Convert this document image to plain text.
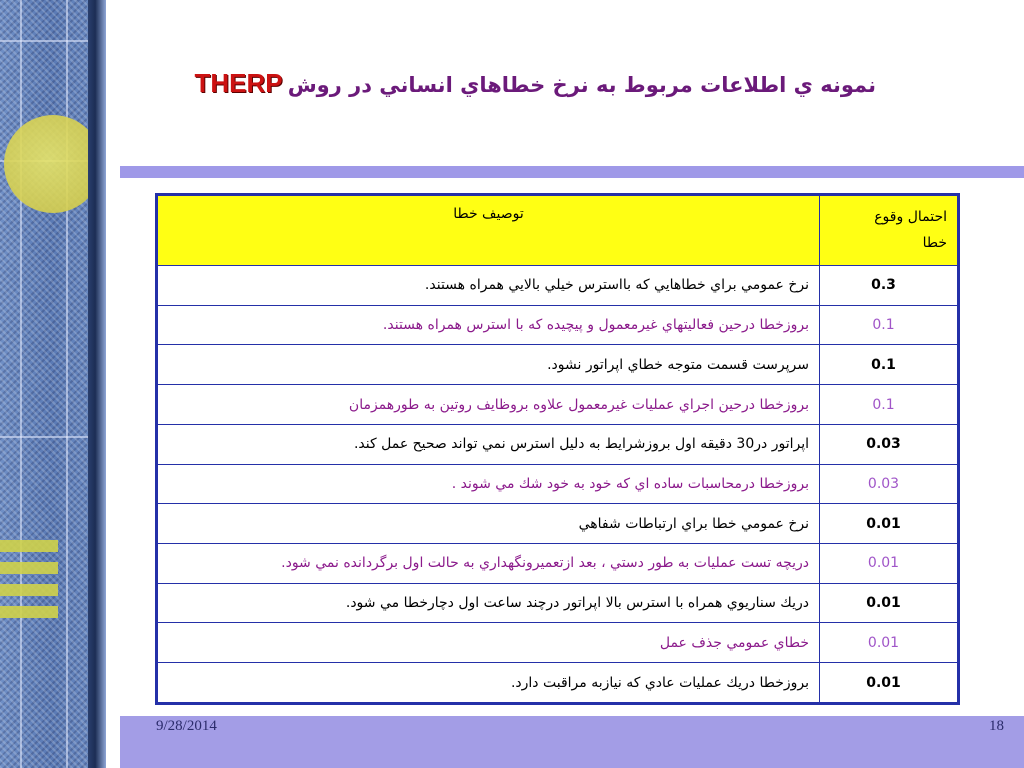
نمونه ي اطلاعات مربوط به نرخ خطاهاي انساني در روش THERP
توصيف خطا	احتمال وقوع
خطا

نرخ عمومي براي خطاهايي كه بااسترس خيلي بالايي همراه هستند.	0.3
بروزخطا درحين فعاليتهاي غيرمعمول و پيچيده كه با استرس همراه هستند.	0.1
سرپرست قسمت متوجه خطاي اپراتور نشود.	0.1
بروزخطا درحين اجراي عمليات غيرمعمول علاوه بروظايف روتين به طورهمزمان	0.1
اپراتور در30 دقيقه اول بروزشرايط به دليل استرس نمي تواند صحيح عمل كند.	0.03
بروزخطا درمحاسبات ساده اي كه خود به خود شك مي شوند .	0.03
نرخ عمومي خطا براي ارتباطات شفاهي	0.01
دريچه تست عمليات به طور دستي ، بعد ازتعميرونگهداري به حالت اول برگردانده نمي شود.	0.01
دريك سناريوي همراه با استرس بالا اپراتور درچند ساعت اول دچارخطا مي شود.	0.01
خطاي عمومي جذف عمل	0.01
بروزخطا دريك عمليات عادي كه نيازبه مراقبت دارد.	0.01
9/28/2014	18
